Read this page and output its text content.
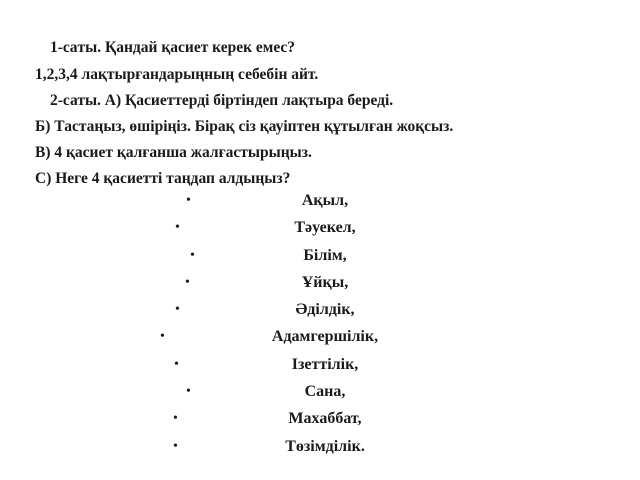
1-сaты. Қандай қасиет керек емес?
1,2,3,4 лақтырғандарыңның себебін айт.
2-саты. А) Қасиеттерді біртіндеп лақтыра береді.
Б) Тастаңыз, өшіріңіз. Бірақ сіз қауіптен құтылған жоқсыз.
В) 4 қасиет қалғанша жалғастырыңыз.
С) Неге 4 қасиетті таңдап алдыңыз?
•	Ақыл,
•	Тәуекел,
•	Білім,
•	Ұйқы,
•	Әділдік,
•	Адамгершілік,
•	Ізеттілік,
•	Сана,
•	Махаббат,
•	Төзімділік.
